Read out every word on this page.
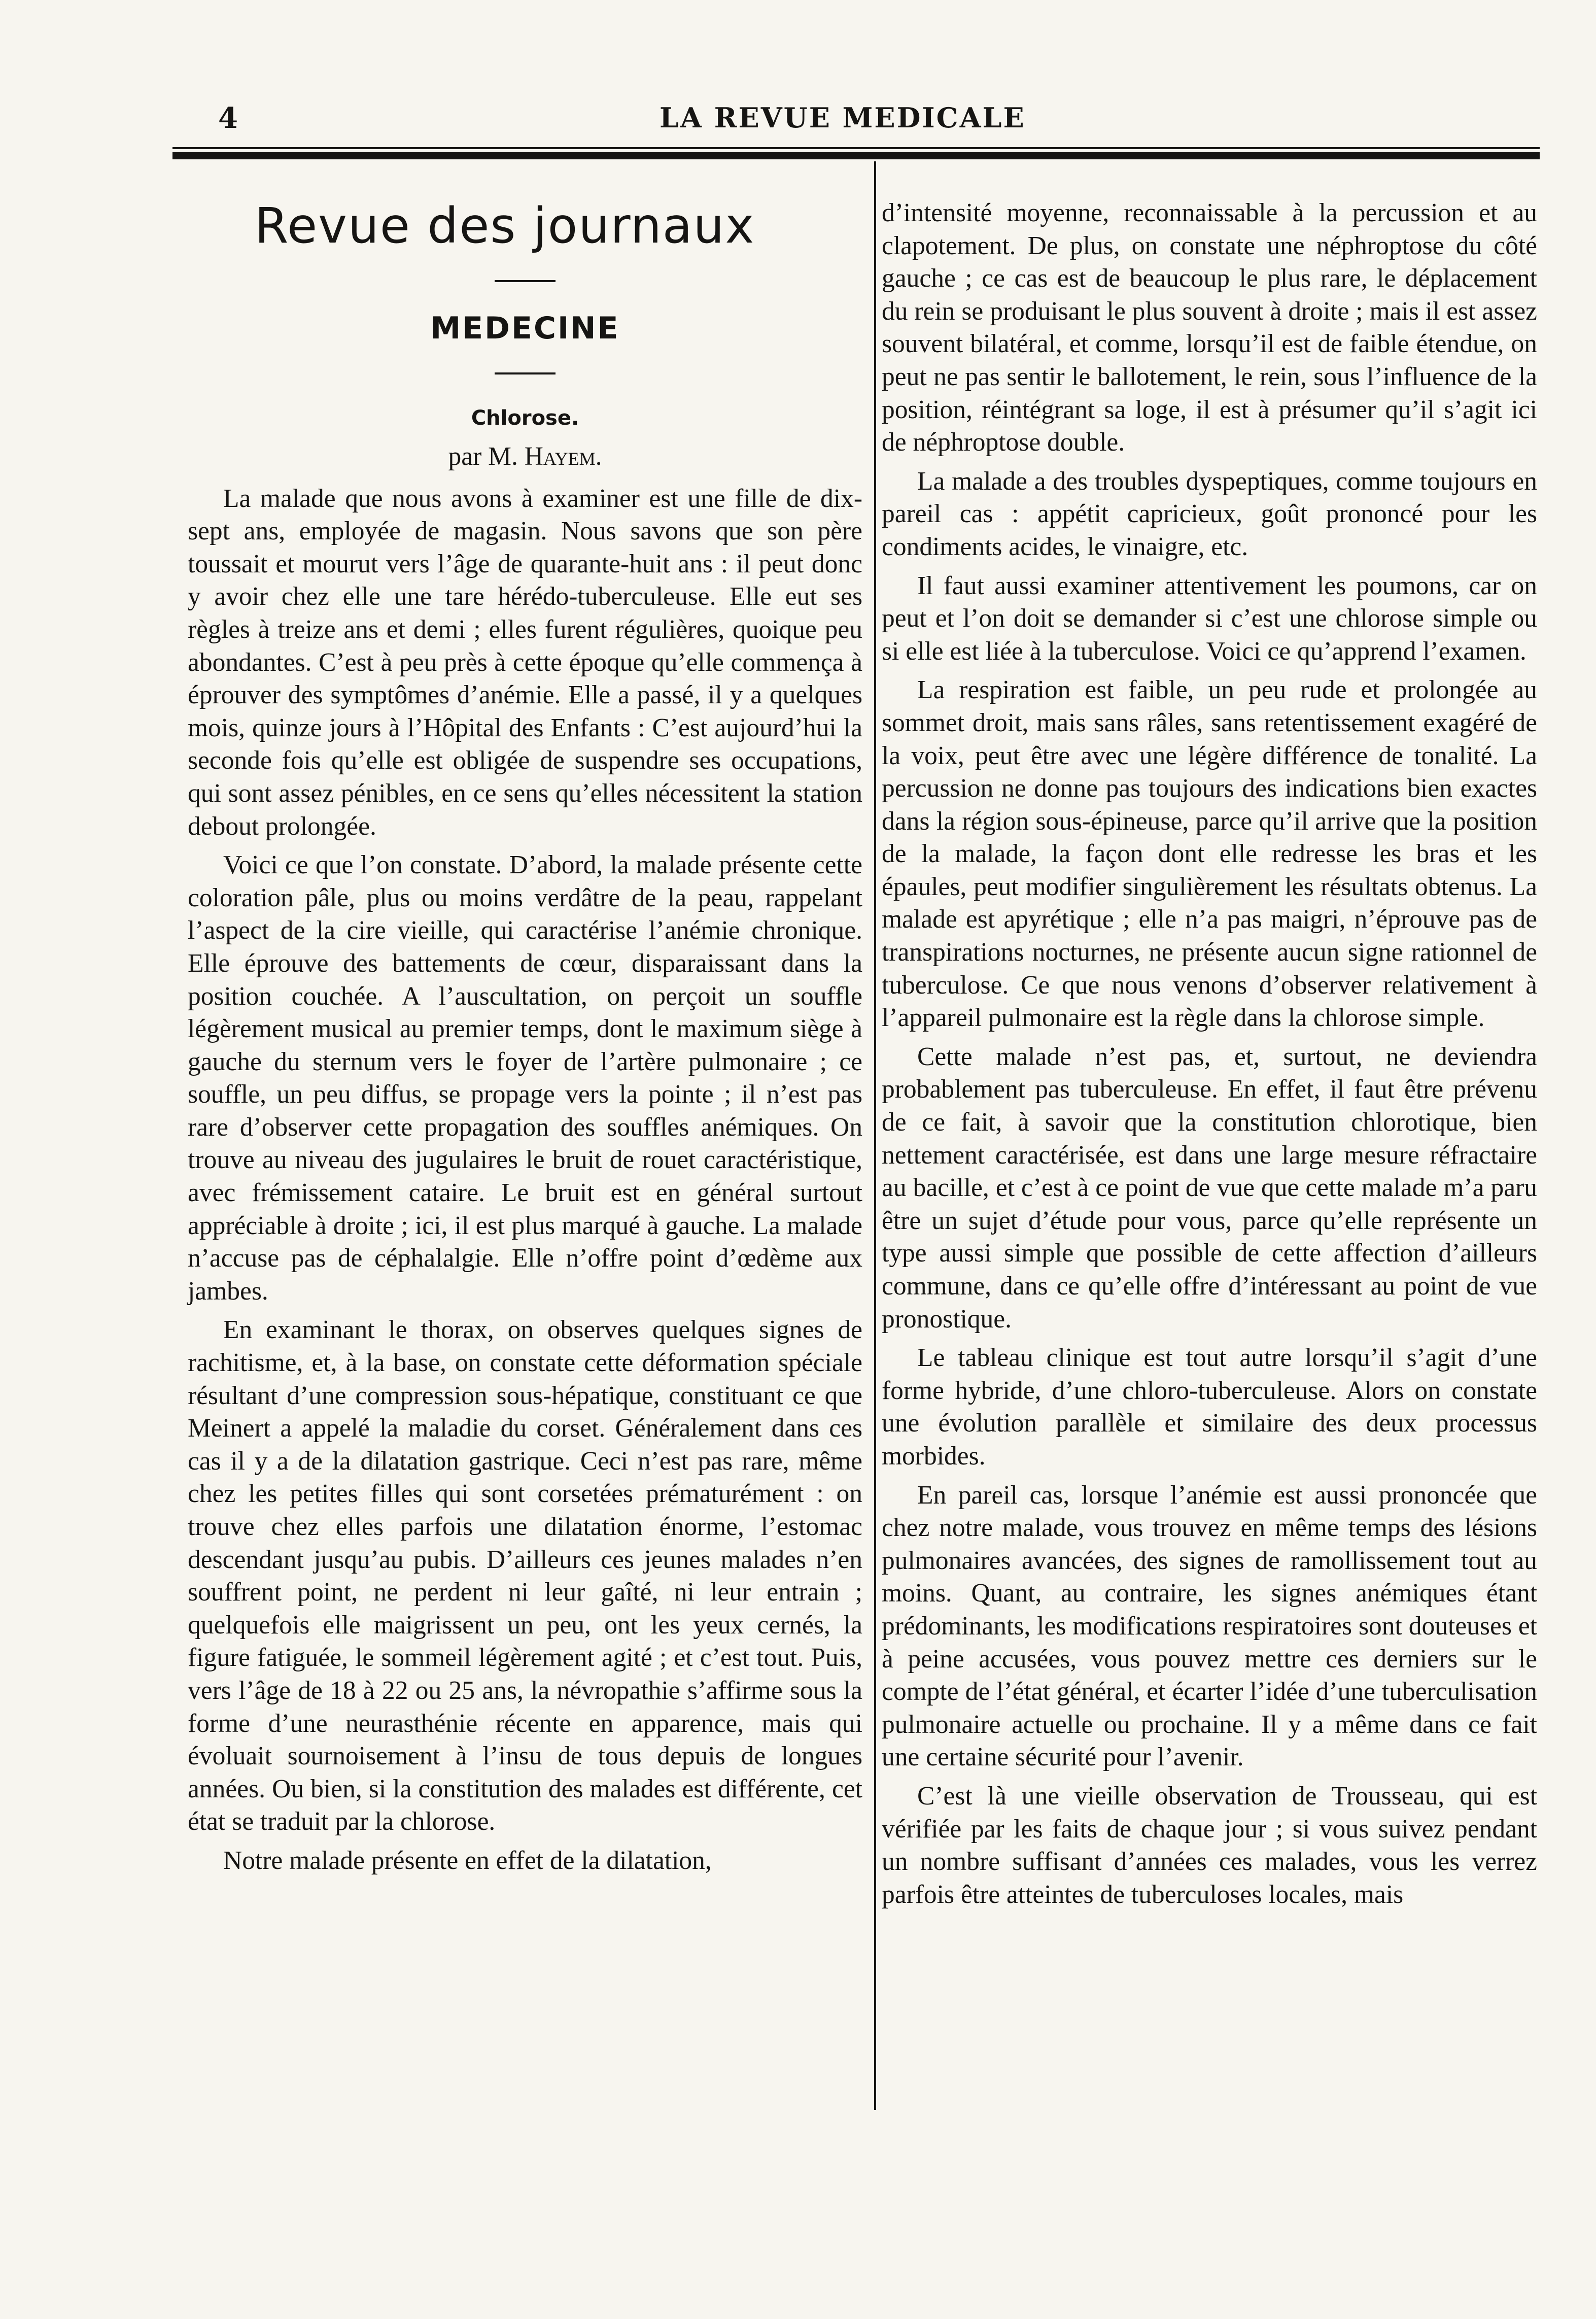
4	LA REVUE MEDICALE
Revue des journaux
MEDECINE
Chlorose.

par M. Hayem.

La malade que nous avons à examiner est une fille de dix-sept ans, employée de magasin. Nous savons que son père toussait et mourut vers l’âge de quarante-huit ans : il peut donc y avoir chez elle une tare hérédo-tuberculeuse. Elle eut ses règles à treize ans et demi ; elles furent régulières, quoique peu abondantes. C’est à peu près à cette époque qu’elle commença à éprouver des symptômes d’anémie. Elle a passé, il y a quelques mois, quinze jours à l’Hôpital des Enfants : C’est aujourd’hui la seconde fois qu’elle est obligée de suspendre ses occupations, qui sont assez pénibles, en ce sens qu’elles nécessitent la station debout prolongée.

Voici ce que l’on constate. D’abord, la malade présente cette coloration pâle, plus ou moins verdâtre de la peau, rappelant l’aspect de la cire vieille, qui caractérise l’anémie chronique. Elle éprouve des battements de cœur, disparaissant dans la position couchée. A l’auscultation, on perçoit un souffle légèrement musical au premier temps, dont le maximum siège à gauche du sternum vers le foyer de l’artère pulmonaire ; ce souffle, un peu diffus, se propage vers la pointe ; il n’est pas rare d’observer cette propagation des souffles anémiques. On trouve au niveau des jugulaires le bruit de rouet caractéristique, avec frémissement cataire. Le bruit est en général surtout appréciable à droite ; ici, il est plus marqué à gauche. La malade n’accuse pas de céphalalgie. Elle n’offre point d’œdème aux jambes.

En examinant le thorax, on observes quelques signes de rachitisme, et, à la base, on constate cette déformation spéciale résultant d’une compression sous-hépatique, constituant ce que Meinert a appelé la maladie du corset. Généralement dans ces cas il y a de la dilatation gastrique. Ceci n’est pas rare, même chez les petites filles qui sont corsetées prématurément : on trouve chez elles parfois une dilatation énorme, l’estomac descendant jusqu’au pubis. D’ailleurs ces jeunes malades n’en souffrent point, ne perdent ni leur gaîté, ni leur entrain ; quelquefois elle maigrissent un peu, ont les yeux cernés, la figure fatiguée, le sommeil légèrement agité ; et c’est tout. Puis, vers l’âge de 18 à 22 ou 25 ans, la névropathie s’affirme sous la forme d’une neurasthénie récente en apparence, mais qui évoluait sournoisement à l’insu de tous depuis de longues années. Ou bien, si la constitution des malades est différente, cet état se traduit par la chlorose.

Notre malade présente en effet de la dilatation,

d’intensité moyenne, reconnaissable à la percussion et au clapotement. De plus, on constate une néphroptose du côté gauche ; ce cas est de beaucoup le plus rare, le déplacement du rein se produisant le plus souvent à droite ; mais il est assez souvent bilatéral, et comme, lorsqu’il est de faible étendue, on peut ne pas sentir le ballotement, le rein, sous l’influence de la position, réintégrant sa loge, il est à présumer qu’il s’agit ici de néphroptose double.

La malade a des troubles dyspeptiques, comme toujours en pareil cas : appétit capricieux, goût prononcé pour les condiments acides, le vinaigre, etc.

Il faut aussi examiner attentivement les poumons, car on peut et l’on doit se demander si c’est une chlorose simple ou si elle est liée à la tuberculose. Voici ce qu’apprend l’examen.

La respiration est faible, un peu rude et prolongée au sommet droit, mais sans râles, sans retentissement exagéré de la voix, peut être avec une légère différence de tonalité. La percussion ne donne pas toujours des indications bien exactes dans la région sous-épineuse, parce qu’il arrive que la position de la malade, la façon dont elle redresse les bras et les épaules, peut modifier singulièrement les résultats obtenus. La malade est apyrétique ; elle n’a pas maigri, n’éprouve pas de transpirations nocturnes, ne présente aucun signe rationnel de tuberculose. Ce que nous venons d’observer relativement à l’appareil pulmonaire est la règle dans la chlorose simple.

Cette malade n’est pas, et, surtout, ne deviendra probablement pas tuberculeuse. En effet, il faut être prévenu de ce fait, à savoir que la constitution chlorotique, bien nettement caractérisée, est dans une large mesure réfractaire au bacille, et c’est à ce point de vue que cette malade m’a paru être un sujet d’étude pour vous, parce qu’elle représente un type aussi simple que possible de cette affection d’ailleurs commune, dans ce qu’elle offre d’intéressant au point de vue pronostique.

Le tableau clinique est tout autre lorsqu’il s’agit d’une forme hybride, d’une chloro-tuberculeuse. Alors on constate une évolution parallèle et similaire des deux processus morbides.

En pareil cas, lorsque l’anémie est aussi prononcée que chez notre malade, vous trouvez en même temps des lésions pulmonaires avancées, des signes de ramollissement tout au moins. Quant, au contraire, les signes anémiques étant prédominants, les modifications respiratoires sont douteuses et à peine accusées, vous pouvez mettre ces derniers sur le compte de l’état général, et écarter l’idée d’une tuberculisation pulmonaire actuelle ou prochaine. Il y a même dans ce fait une certaine sécurité pour l’avenir.

C’est là une vieille observation de Trousseau, qui est vérifiée par les faits de chaque jour ; si vous suivez pendant un nombre suffisant d’années ces malades, vous les verrez parfois être atteintes de tuberculoses locales, mais
